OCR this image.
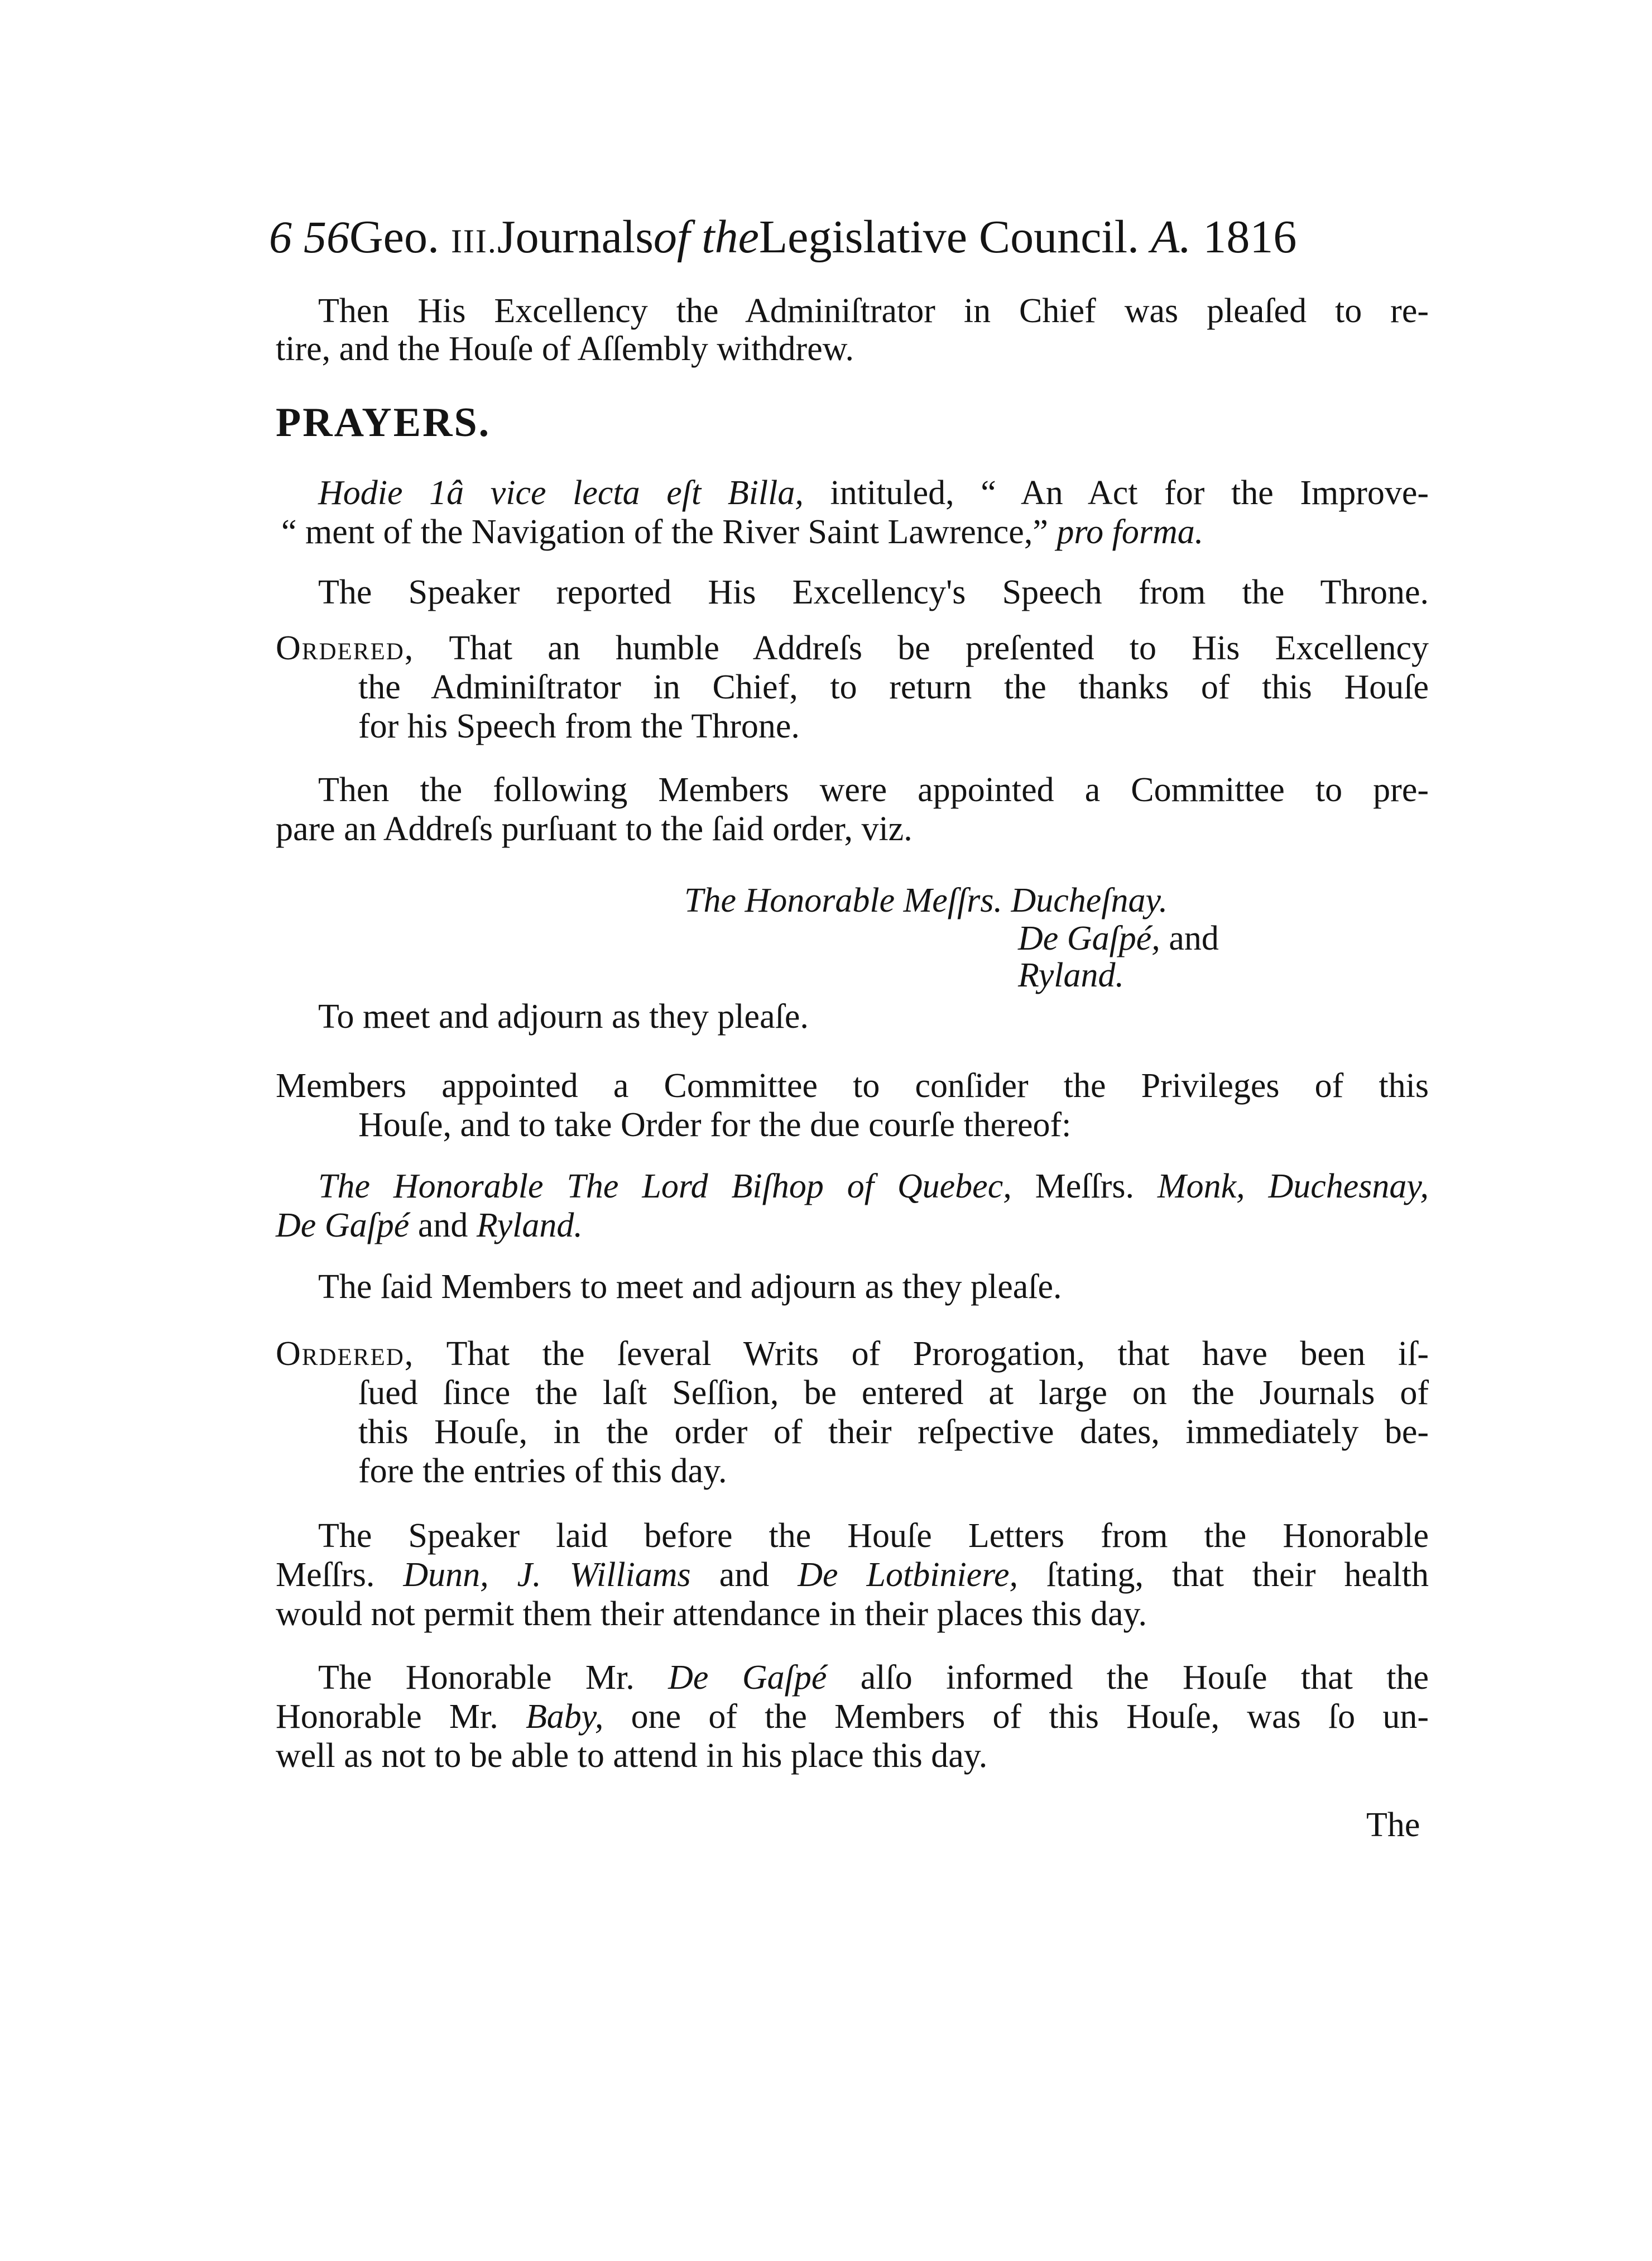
6 56Geo. III.Journalsof theLegislative Council. A. 1816
Then His Excellency the Adminiſtrator in Chief was pleaſed to re-
tire, and the Houſe of Aſſembly withdrew.
PRAYERS.
Hodie 1â vice lecta eſt Billa, intituled, “ An Act for the Improve-
“ ment of the Navigation of the River Saint Lawrence,” pro forma.
The Speaker reported His Excellency's Speech from the Throne.
Ordered, That an humble Addreſs be preſented to His Excellency
the Adminiſtrator in Chief, to return the thanks of this Houſe
for his Speech from the Throne.
Then the following Members were appointed a Committee to pre-
pare an Addreſs purſuant to the ſaid order, viz.
The Honorable Meſſrs. Ducheſnay.
De Gaſpé, and
Ryland.
To meet and adjourn as they pleaſe.
Members appointed a Committee to conſider the Privileges of this
Houſe, and to take Order for the due courſe thereof:
The Honorable The Lord Biſhop of Quebec, Meſſrs. Monk, Duchesnay,
De Gaſpé and Ryland.
The ſaid Members to meet and adjourn as they pleaſe.
Ordered, That the ſeveral Writs of Prorogation, that have been iſ-
ſued ſince the laſt Seſſion, be entered at large on the Journals of
this Houſe, in the order of their reſpective dates, immediately be-
fore the entries of this day.
The Speaker laid before the Houſe Letters from the Honorable
Meſſrs. Dunn, J. Williams and De Lotbiniere, ſtating, that their health
would not permit them their attendance in their places this day.
The Honorable Mr. De Gaſpé alſo informed the Houſe that the
Honorable Mr. Baby, one of the Members of this Houſe, was ſo un-
well as not to be able to attend in his place this day.
The
